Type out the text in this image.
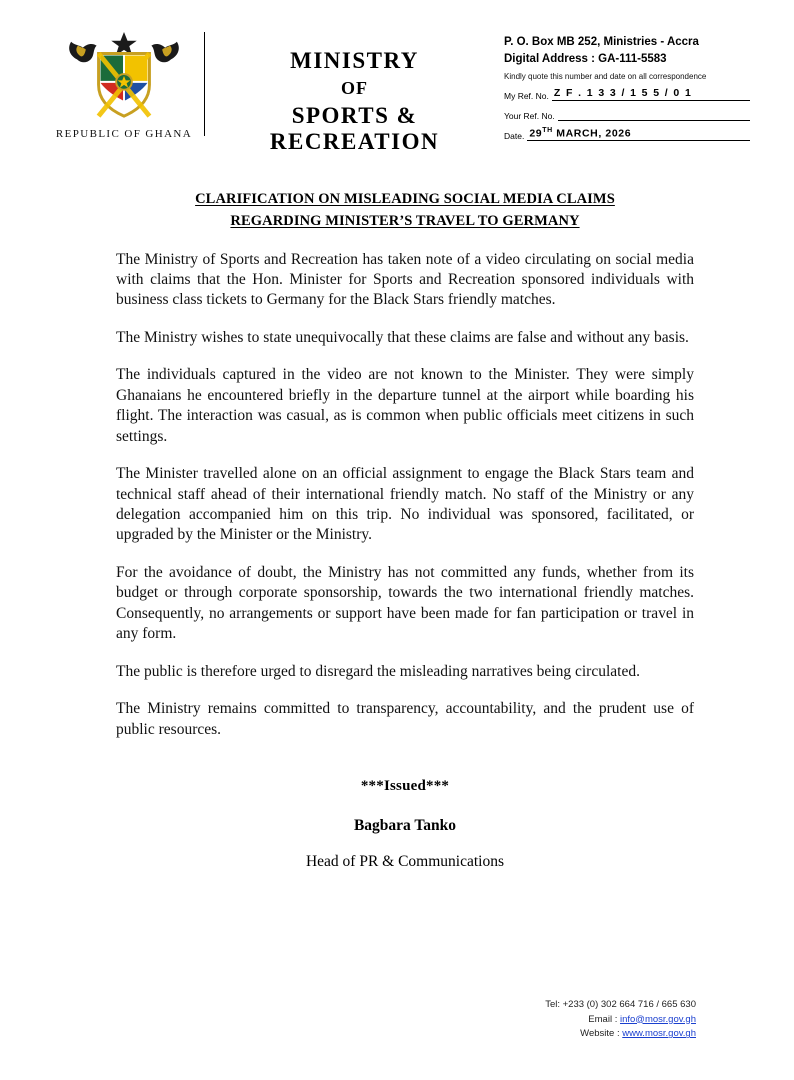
REPUBLIC OF GHANA
MINISTRY
OF
SPORTS & RECREATION
P. O. Box MB 252, Ministries - Accra
Digital Address : GA-111-5583
Kindly quote this number and date on all correspondence
My Ref. No. Z F . 1 3 3 / 1 5 5 / 0 1
Your Ref. No.
Date. 29TH MARCH, 2026
CLARIFICATION ON MISLEADING SOCIAL MEDIA CLAIMS
REGARDING MINISTER’S TRAVEL TO GERMANY

The Ministry of Sports and Recreation has taken note of a video circulating on social media with claims that the Hon. Minister for Sports and Recreation sponsored individuals with business class tickets to Germany for the Black Stars friendly matches.

The Ministry wishes to state unequivocally that these claims are false and without any basis.

The individuals captured in the video are not known to the Minister. They were simply Ghanaians he encountered briefly in the departure tunnel at the airport while boarding his flight. The interaction was casual, as is common when public officials meet citizens in such settings.

The Minister travelled alone on an official assignment to engage the Black Stars team and technical staff ahead of their international friendly match. No staff of the Ministry or any delegation accompanied him on this trip. No individual was sponsored, facilitated, or upgraded by the Minister or the Ministry.

For the avoidance of doubt, the Ministry has not committed any funds, whether from its budget or through corporate sponsorship, towards the two international friendly matches. Consequently, no arrangements or support have been made for fan participation or travel in any form.

The public is therefore urged to disregard the misleading narratives being circulated.

The Ministry remains committed to transparency, accountability, and the prudent use of public resources.

***Issued***
Bagbara Tanko
Head of PR & Communications
Tel: +233 (0) 302 664 716 / 665 630
Email : info@mosr.gov.gh
Website : www.mosr.gov.gh
